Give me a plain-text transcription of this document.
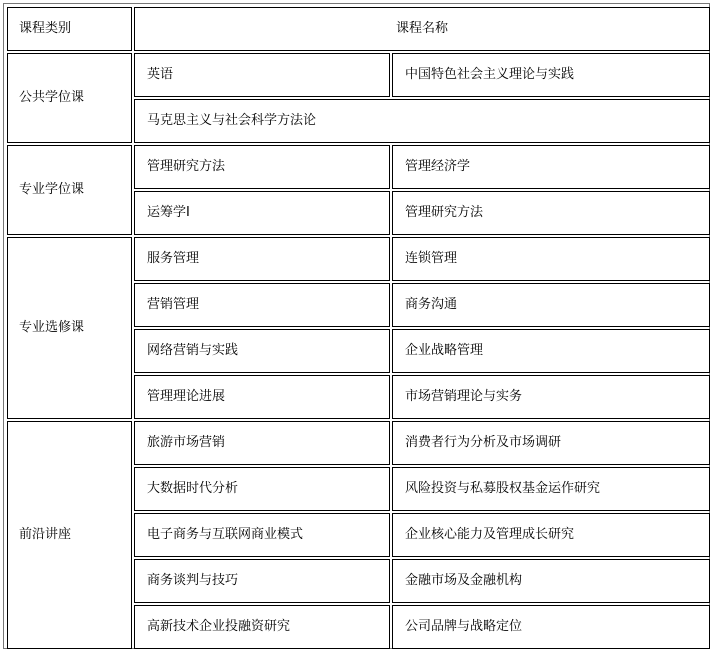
课程类别	课程名称	
公共学位课	英语	中国特色社会主义理论与实践
	马克思主义与社会科学方法论	
专业学位课	管理研究方法	管理经济学
	运筹学I	管理研究方法
专业选修课	服务管理	连锁管理
	营销管理	商务沟通
	网络营销与实践	企业战略管理
	管理理论进展	市场营销理论与实务
前沿讲座	旅游市场营销	消费者行为分析及市场调研
	大数据时代分析	风险投资与私募股权基金运作研究
	电子商务与互联网商业模式	企业核心能力及管理成长研究
	商务谈判与技巧	金融市场及金融机构
	高新技术企业投融资研究	公司品牌与战略定位
